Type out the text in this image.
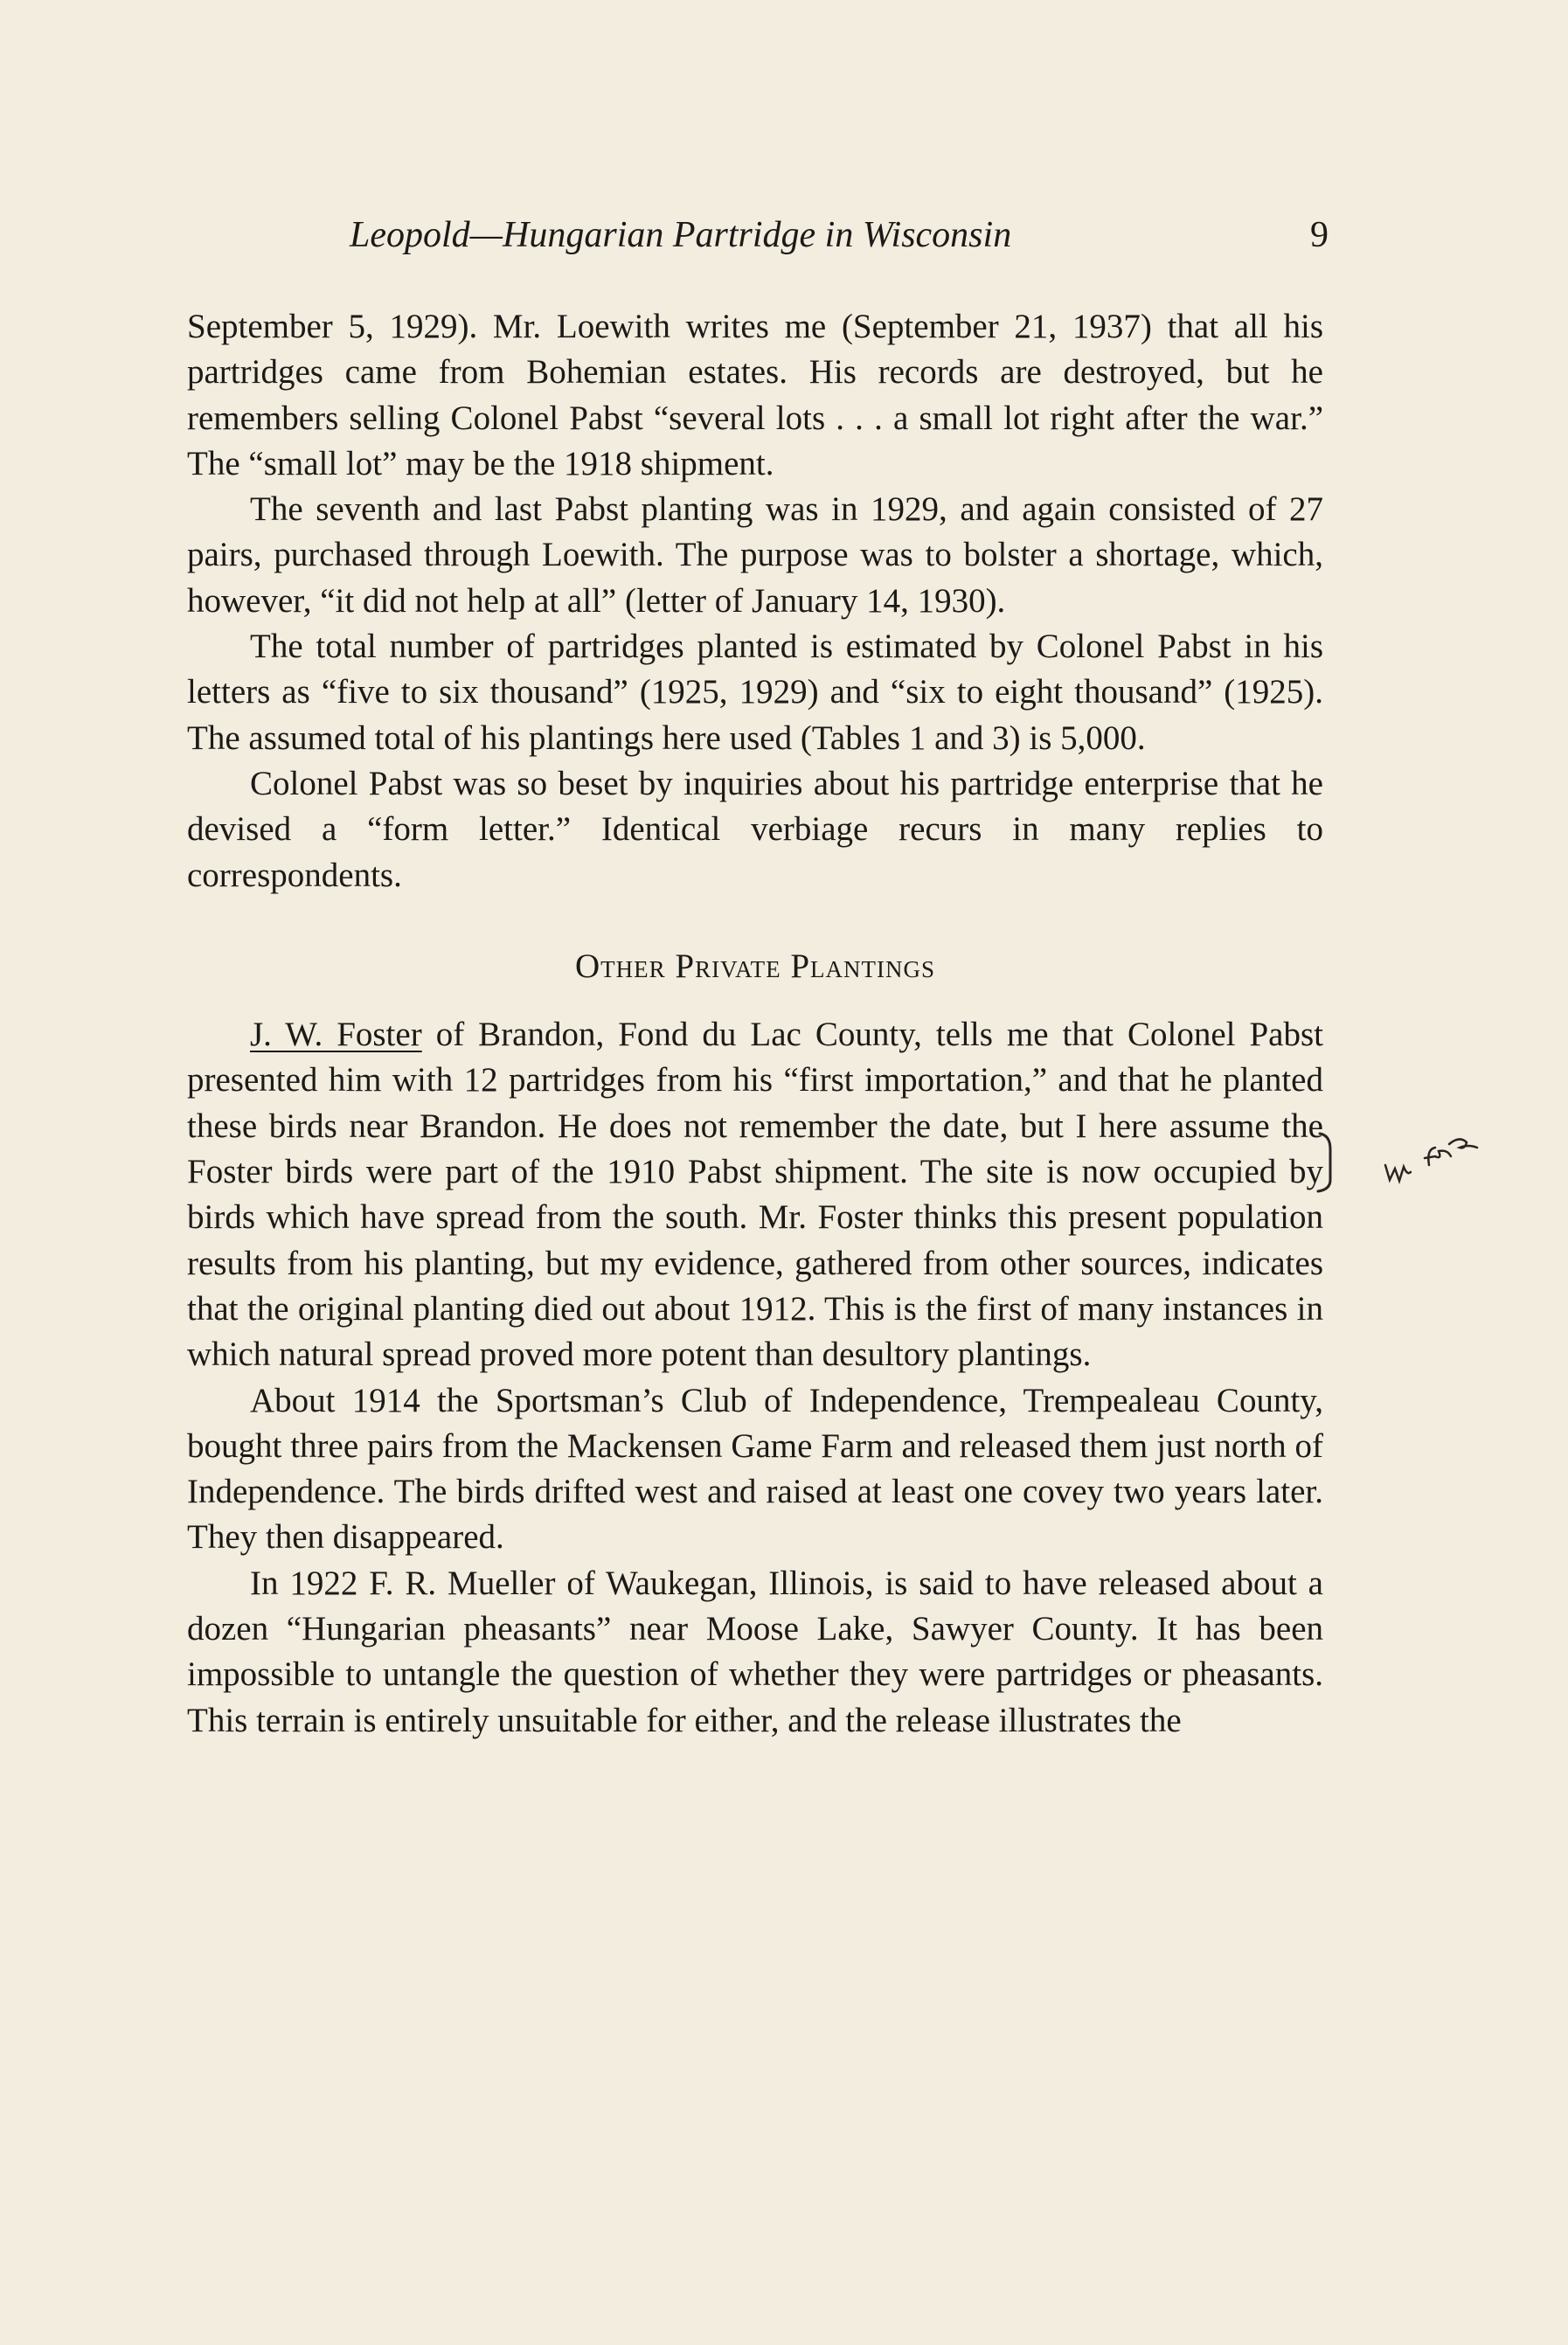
Leopold—Hungarian Partridge in Wisconsin	9

September 5, 1929). Mr. Loewith writes me (September 21, 1937) that all his partridges came from Bohemian estates. His records are destroyed, but he remembers selling Colonel Pabst “several lots . . . a small lot right after the war.” The “small lot” may be the 1918 shipment.

The seventh and last Pabst planting was in 1929, and again consisted of 27 pairs, purchased through Loewith. The purpose was to bolster a shortage, which, however, “it did not help at all” (letter of January 14, 1930).

The total number of partridges planted is estimated by Colonel Pabst in his letters as “five to six thousand” (1925, 1929) and “six to eight thousand” (1925). The assumed total of his plantings here used (Tables 1 and 3) is 5,000.

Colonel Pabst was so beset by inquiries about his partridge enterprise that he devised a “form letter.” Identical verbiage recurs in many replies to correspondents.

Other Private Plantings

J. W. Foster of Brandon, Fond du Lac County, tells me that Colonel Pabst presented him with 12 partridges from his “first importation,” and that he planted these birds near Brandon. He does not remember the date, but I here assume the Foster birds were part of the 1910 Pabst shipment. The site is now occupied by birds which have spread from the south. Mr. Foster thinks this present population results from his planting, but my evidence, gathered from other sources, indicates that the original planting died out about 1912. This is the first of many instances in which natural spread proved more potent than desultory plantings.

About 1914 the Sportsman’s Club of Independence, Trempealeau County, bought three pairs from the Mackensen Game Farm and released them just north of Independence. The birds drifted west and raised at least one covey two years later. They then disappeared.

In 1922 F. R. Mueller of Waukegan, Illinois, is said to have released about a dozen “Hungarian pheasants” near Moose Lake, Sawyer County. It has been impossible to untangle the question of whether they were partridges or pheasants. This terrain is entirely unsuitable for either, and the release illustrates the
